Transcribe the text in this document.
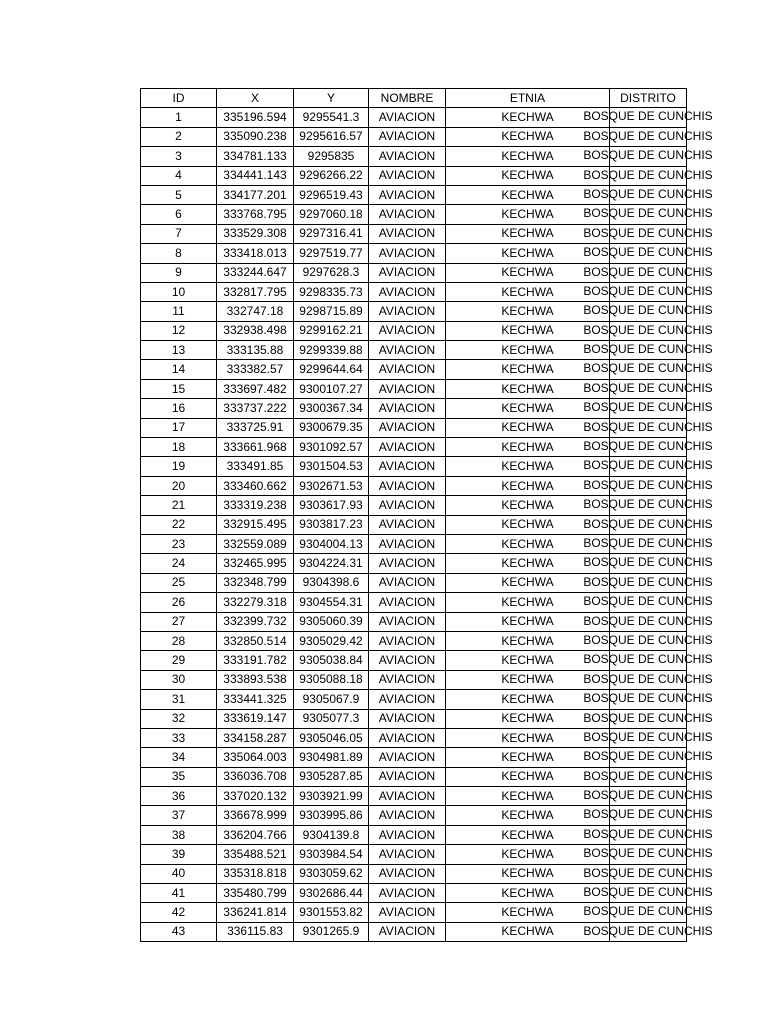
ID	X	Y	NOMBRE	ETNIA	DISTRITO
1	335196.594	9295541.3	AVIACION	KECHWA	BOSQUE DE CUNCHIS

2	335090.238	9295616.57	AVIACION	KECHWA	BOSQUE DE CUNCHIS

3	334781.133	9295835	AVIACION	KECHWA	BOSQUE DE CUNCHIS

4	334441.143	9296266.22	AVIACION	KECHWA	BOSQUE DE CUNCHIS

5	334177.201	9296519.43	AVIACION	KECHWA	BOSQUE DE CUNCHIS

6	333768.795	9297060.18	AVIACION	KECHWA	BOSQUE DE CUNCHIS

7	333529.308	9297316.41	AVIACION	KECHWA	BOSQUE DE CUNCHIS

8	333418.013	9297519.77	AVIACION	KECHWA	BOSQUE DE CUNCHIS

9	333244.647	9297628.3	AVIACION	KECHWA	BOSQUE DE CUNCHIS

10	332817.795	9298335.73	AVIACION	KECHWA	BOSQUE DE CUNCHIS

11	332747.18	9298715.89	AVIACION	KECHWA	BOSQUE DE CUNCHIS

12	332938.498	9299162.21	AVIACION	KECHWA	BOSQUE DE CUNCHIS

13	333135.88	9299339.88	AVIACION	KECHWA	BOSQUE DE CUNCHIS

14	333382.57	9299644.64	AVIACION	KECHWA	BOSQUE DE CUNCHIS

15	333697.482	9300107.27	AVIACION	KECHWA	BOSQUE DE CUNCHIS

16	333737.222	9300367.34	AVIACION	KECHWA	BOSQUE DE CUNCHIS

17	333725.91	9300679.35	AVIACION	KECHWA	BOSQUE DE CUNCHIS

18	333661.968	9301092.57	AVIACION	KECHWA	BOSQUE DE CUNCHIS

19	333491.85	9301504.53	AVIACION	KECHWA	BOSQUE DE CUNCHIS

20	333460.662	9302671.53	AVIACION	KECHWA	BOSQUE DE CUNCHIS

21	333319.238	9303617.93	AVIACION	KECHWA	BOSQUE DE CUNCHIS

22	332915.495	9303817.23	AVIACION	KECHWA	BOSQUE DE CUNCHIS

23	332559.089	9304004.13	AVIACION	KECHWA	BOSQUE DE CUNCHIS

24	332465.995	9304224.31	AVIACION	KECHWA	BOSQUE DE CUNCHIS

25	332348.799	9304398.6	AVIACION	KECHWA	BOSQUE DE CUNCHIS

26	332279.318	9304554.31	AVIACION	KECHWA	BOSQUE DE CUNCHIS

27	332399.732	9305060.39	AVIACION	KECHWA	BOSQUE DE CUNCHIS

28	332850.514	9305029.42	AVIACION	KECHWA	BOSQUE DE CUNCHIS

29	333191.782	9305038.84	AVIACION	KECHWA	BOSQUE DE CUNCHIS

30	333893.538	9305088.18	AVIACION	KECHWA	BOSQUE DE CUNCHIS

31	333441.325	9305067.9	AVIACION	KECHWA	BOSQUE DE CUNCHIS

32	333619.147	9305077.3	AVIACION	KECHWA	BOSQUE DE CUNCHIS

33	334158.287	9305046.05	AVIACION	KECHWA	BOSQUE DE CUNCHIS

34	335064.003	9304981.89	AVIACION	KECHWA	BOSQUE DE CUNCHIS

35	336036.708	9305287.85	AVIACION	KECHWA	BOSQUE DE CUNCHIS

36	337020.132	9303921.99	AVIACION	KECHWA	BOSQUE DE CUNCHIS

37	336678.999	9303995.86	AVIACION	KECHWA	BOSQUE DE CUNCHIS

38	336204.766	9304139.8	AVIACION	KECHWA	BOSQUE DE CUNCHIS

39	335488.521	9303984.54	AVIACION	KECHWA	BOSQUE DE CUNCHIS

40	335318.818	9303059.62	AVIACION	KECHWA	BOSQUE DE CUNCHIS

41	335480.799	9302686.44	AVIACION	KECHWA	BOSQUE DE CUNCHIS

42	336241.814	9301553.82	AVIACION	KECHWA	BOSQUE DE CUNCHIS

43	336115.83	9301265.9	AVIACION	KECHWA	BOSQUE DE CUNCHIS
